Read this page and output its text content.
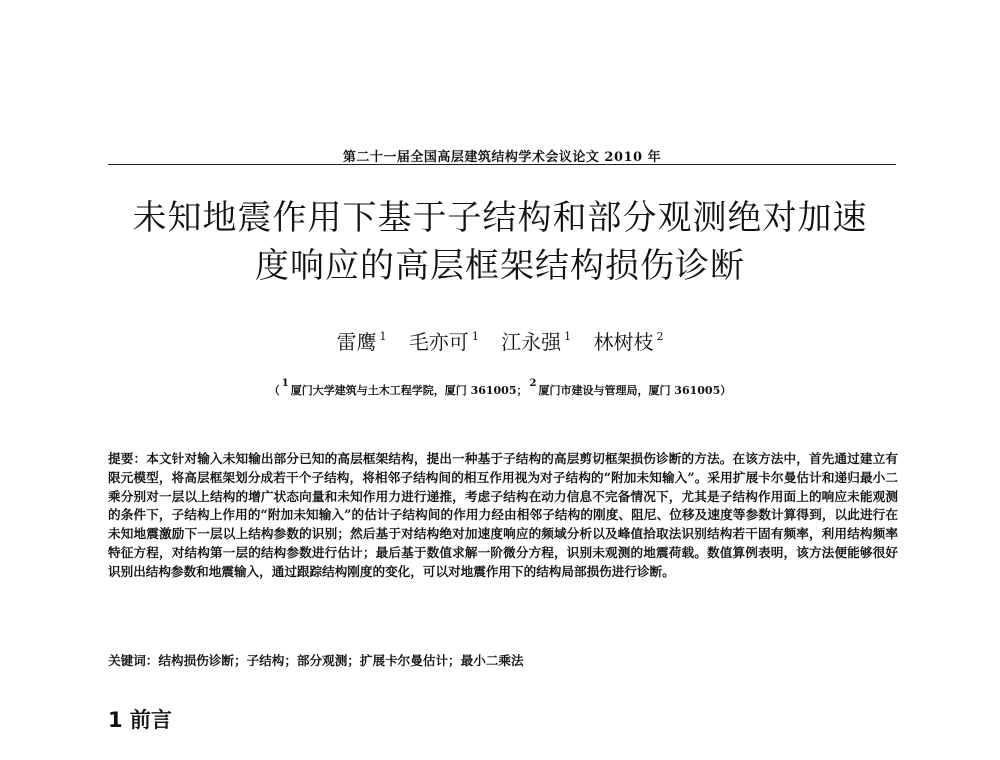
第二十一届全国高层建筑结构学术会议论文 2010 年
未知地震作用下基于子结构和部分观测绝对加速
度响应的高层框架结构损伤诊断
雷鹰 $^1$ 毛亦可 $^1$ 江永强 $^1$ 林树枝 $^2$
（$^1$厦门大学建筑与土木工程学院，厦门 361005；$^2$厦门市建设与管理局，厦门 361005）
提要：本文针对输入未知输出部分已知的高层框架结构，提出一种基于子结构的高层剪切框架损伤诊断的方法。在该方法中，首先通过建立有限元模型，将高层框架划分成若干个子结构，将相邻子结构间的相互作用视为对子结构的“附加未知输入”。采用扩展卡尔曼估计和递归最小二乘分别对一层以上结构的增广状态向量和未知作用力进行递推，考虑子结构在动力信息不完备情况下，尤其是子结构作用面上的响应未能观测的条件下，子结构上作用的“附加未知输入”的估计子结构间的作用力经由相邻子结构的刚度、阻尼、位移及速度等参数计算得到，以此进行在未知地震激励下一层以上结构参数的识别；然后基于对结构绝对加速度响应的频域分析以及峰值拾取法识别结构若干固有频率，利用结构频率特征方程，对结构第一层的结构参数进行估计；最后基于数值求解一阶微分方程，识别未观测的地震荷载。数值算例表明，该方法便能够很好识别出结构参数和地震输入，通过跟踪结构刚度的变化，可以对地震作用下的结构局部损伤进行诊断。
关键词：结构损伤诊断；子结构；部分观测；扩展卡尔曼估计；最小二乘法
1 前言
